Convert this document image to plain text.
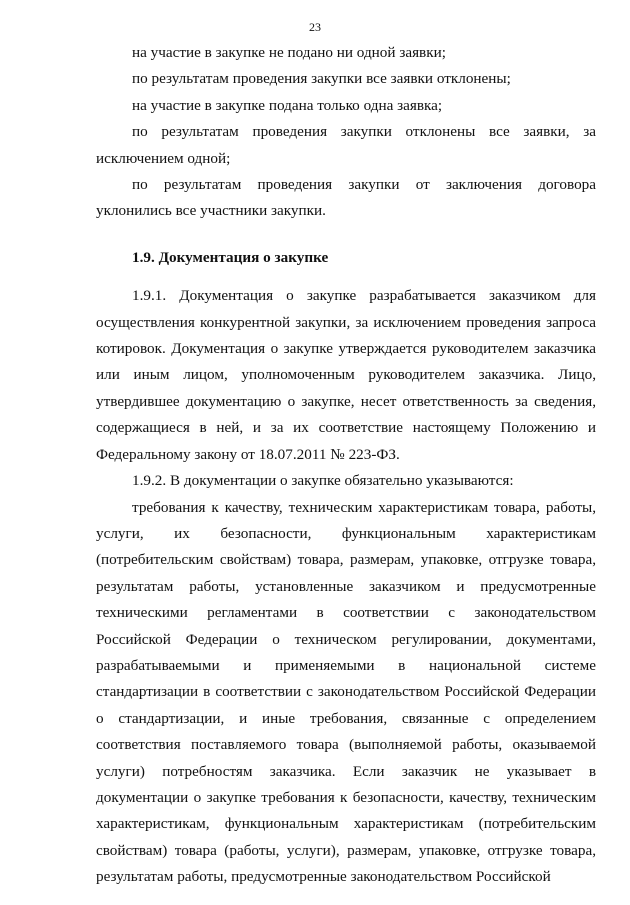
23

на участие в закупке не подано ни одной заявки;

по результатам проведения закупки все заявки отклонены;

на участие в закупке подана только одна заявка;

по результатам проведения закупки отклонены все заявки, за исключением одной;

по результатам проведения закупки от заключения договора уклонились все участники закупки.

1.9. Документация о закупке

1.9.1. Документация о закупке разрабатывается заказчиком для осуществления конкурентной закупки, за исключением проведения запроса котировок. Документация о закупке утверждается руководителем заказчика или иным лицом, уполномоченным руководителем заказчика. Лицо, утвердившее документацию о закупке, несет ответственность за сведения, содержащиеся в ней, и за их соответствие настоящему Положению и Федеральному закону от 18.07.2011 № 223-ФЗ.

1.9.2. В документации о закупке обязательно указываются:

требования к качеству, техническим характеристикам товара, работы, услуги, их безопасности, функциональным характеристикам (потребительским свойствам) товара, размерам, упаковке, отгрузке товара, результатам работы, установленные заказчиком и предусмотренные техническими регламентами в соответствии с законодательством Российской Федерации о техническом регулировании, документами, разрабатываемыми и применяемыми в национальной системе стандартизации в соответствии с законодательством Российской Федерации о стандартизации, и иные требования, связанные с определением соответствия поставляемого товара (выполняемой работы, оказываемой услуги) потребностям заказчика. Если заказчик не указывает в документации о закупке требования к безопасности, качеству, техническим характеристикам, функциональным характеристикам (потребительским свойствам) товара (работы, услуги), размерам, упаковке, отгрузке товара, результатам работы, предусмотренные законодательством Российской
